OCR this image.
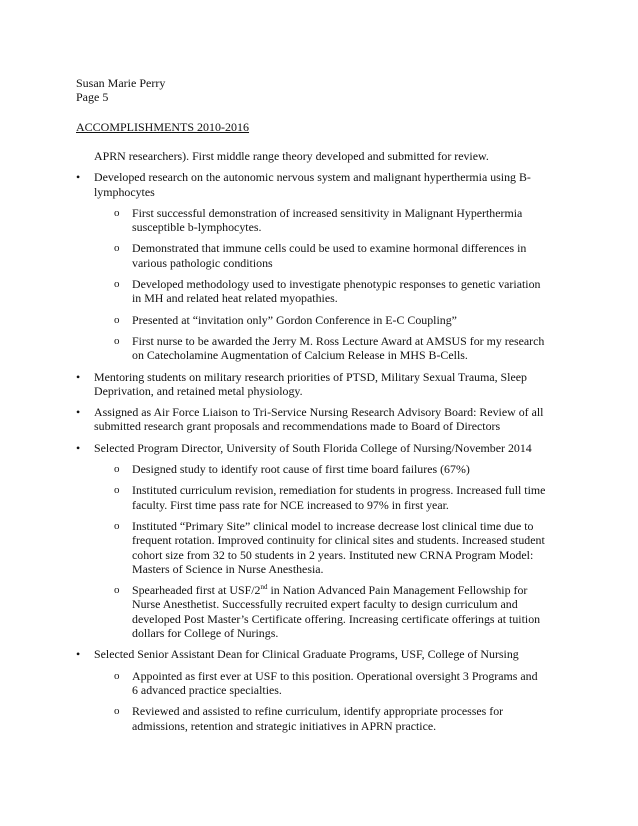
Susan Marie Perry
Page 5
ACCOMPLISHMENTS 2010-2016
APRN researchers). First middle range theory developed and submitted for review.
•	Developed research on the autonomic nervous system and malignant hyperthermia using B-lymphocytes
o	First successful demonstration of increased sensitivity in Malignant Hyperthermia susceptible b-lymphocytes.
o	Demonstrated that immune cells could be used to examine hormonal differences in various pathologic conditions
o	Developed methodology used to investigate phenotypic responses to genetic variation in MH and related heat related myopathies.
o	Presented at “invitation only” Gordon Conference in E-C Coupling”
o	First nurse to be awarded the Jerry M. Ross Lecture Award at AMSUS for my research on Catecholamine Augmentation of Calcium Release in MHS B-Cells.
•	Mentoring students on military research priorities of PTSD, Military Sexual Trauma, Sleep Deprivation, and retained metal physiology.
•	Assigned as Air Force Liaison to Tri-Service Nursing Research Advisory Board: Review of all submitted research grant proposals and recommendations made to Board of Directors
•	Selected Program Director, University of South Florida College of Nursing/November 2014
o	Designed study to identify root cause of first time board failures (67%)
o	Instituted curriculum revision, remediation for students in progress. Increased full time faculty. First time pass rate for NCE increased to 97% in first year.
o	Instituted “Primary Site” clinical model to increase decrease lost clinical time due to frequent rotation. Improved continuity for clinical sites and students. Increased student cohort size from 32 to 50 students in 2 years. Instituted new CRNA Program Model: Masters of Science in Nurse Anesthesia.
o	Spearheaded first at USF/2nd in Nation Advanced Pain Management Fellowship for Nurse Anesthetist. Successfully recruited expert faculty to design curriculum and developed Post Master’s Certificate offering. Increasing certificate offerings at tuition dollars for College of Nurings.
•	Selected Senior Assistant Dean for Clinical Graduate Programs, USF, College of Nursing
o	Appointed as first ever at USF to this position. Operational oversight 3 Programs and 6 advanced practice specialties.
o	Reviewed and assisted to refine curriculum, identify appropriate processes for admissions, retention and strategic initiatives in APRN practice.
